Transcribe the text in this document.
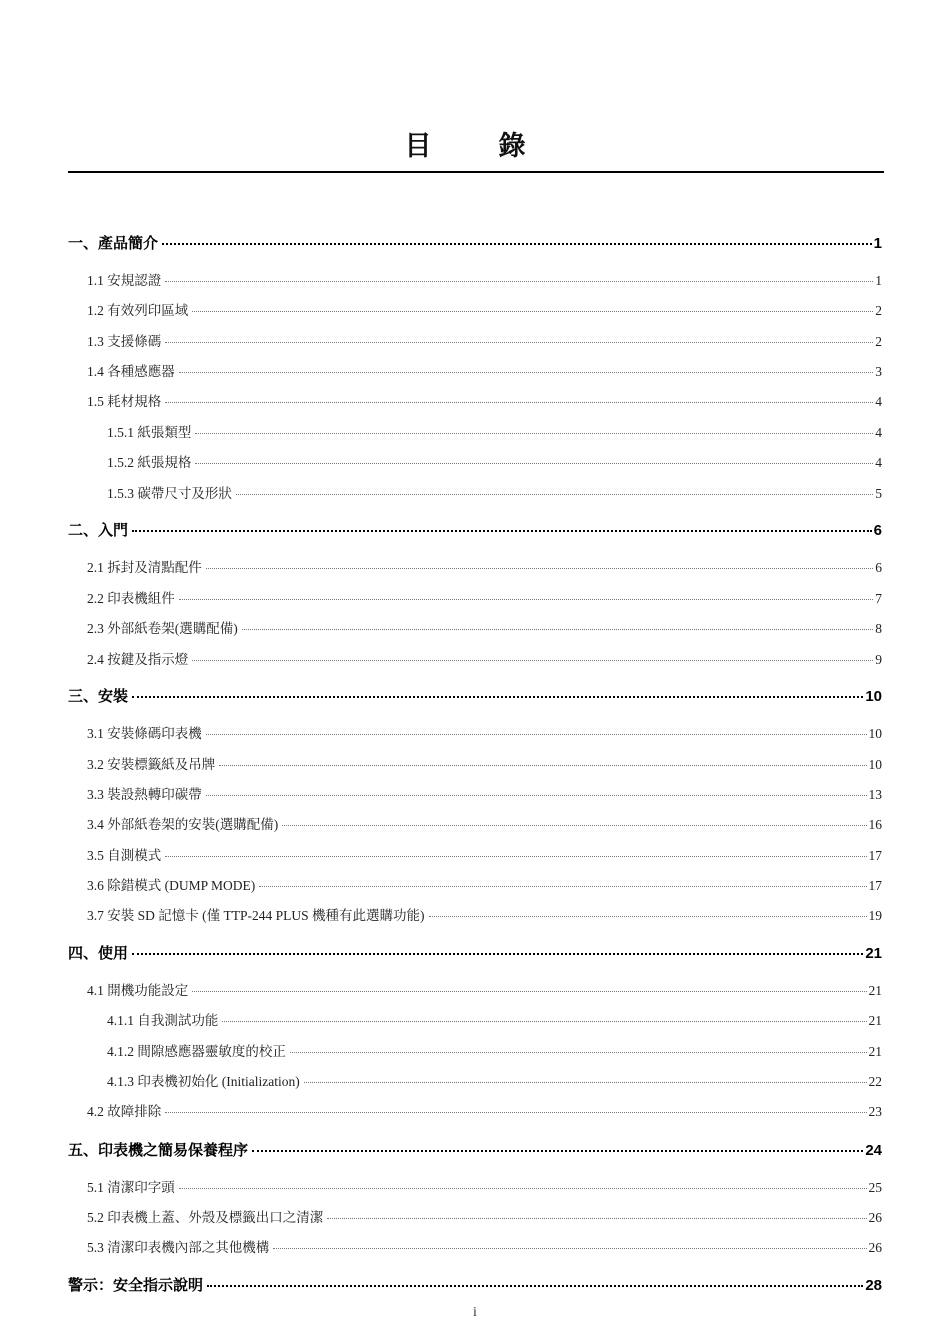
目　錄
一、產品簡介	1
1.1 安規認證	1
1.2 有效列印區域	2
1.3 支援條碼	2
1.4 各種感應器	3
1.5 耗材規格	4
1.5.1 紙張類型	4
1.5.2 紙張規格	4
1.5.3 碳帶尺寸及形狀	5
二、入門	6
2.1 拆封及清點配件	6
2.2 印表機組件	7
2.3 外部紙卷架(選購配備)	8
2.4 按鍵及指示燈	9
三、安裝	10
3.1 安裝條碼印表機	10
3.2 安裝標籤紙及吊牌	10
3.3 裝設熱轉印碳帶	13
3.4 外部紙卷架的安裝(選購配備)	16
3.5 自測模式	17
3.6 除錯模式 (DUMP MODE)	17
3.7 安裝 SD 記憶卡 (僅 TTP-244 PLUS 機種有此選購功能)	19
四、使用	21
4.1 開機功能設定	21
4.1.1 自我測試功能	21
4.1.2 間隙感應器靈敏度的校正	21
4.1.3 印表機初始化 (Initialization)	22
4.2 故障排除	23
五、印表機之簡易保養程序	24
5.1 清潔印字頭	25
5.2 印表機上蓋、外殼及標籤出口之清潔	26
5.3 清潔印表機內部之其他機構	26
警示：安全指示說明	28
i
